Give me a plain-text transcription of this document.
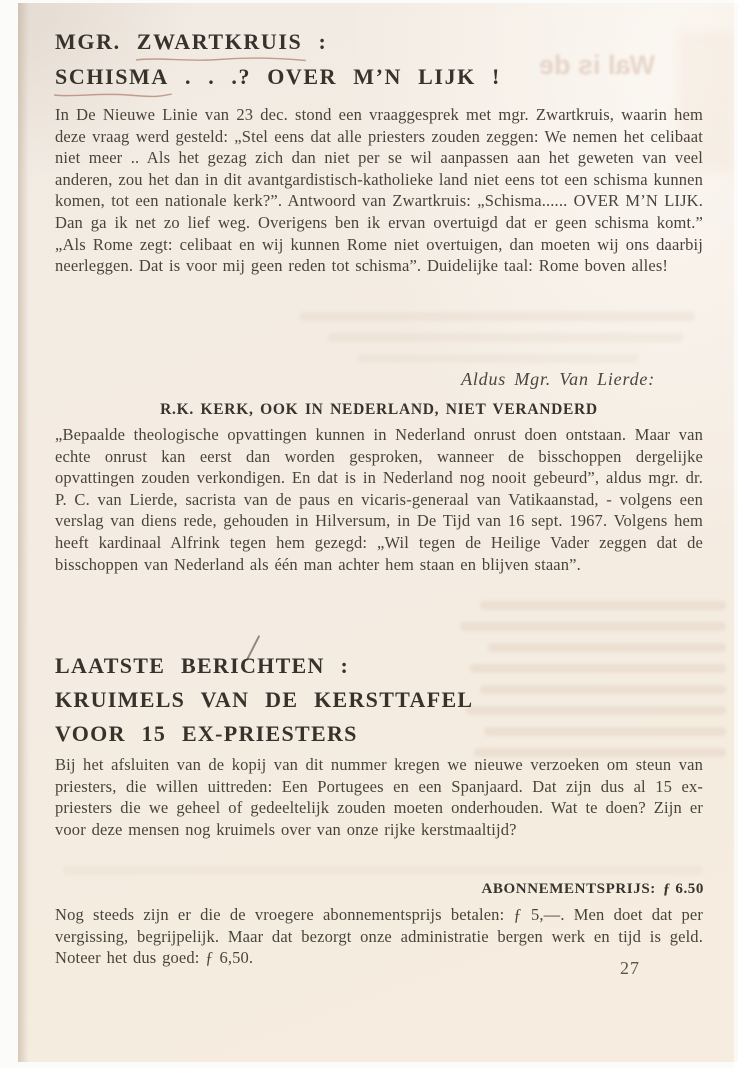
Wal is de
MGR. ZWARTKRUIS :
SCHISMA . . .? OVER M’N LIJK !
In De Nieuwe Linie van 23 dec. stond een vraaggesprek met mgr. Zwartkruis, waarin hem deze vraag werd gesteld: „Stel eens dat alle priesters zouden zeggen: We nemen het celibaat niet meer .. Als het gezag zich dan niet per se wil aanpassen aan het geweten van veel anderen, zou het dan in dit avantgardistisch-katholieke land niet eens tot een schisma kunnen komen, tot een nationale kerk?”. Antwoord van Zwartkruis: „Schisma...... OVER M’N LIJK. Dan ga ik net zo lief weg. Overigens ben ik ervan overtuigd dat er geen schisma komt.” „Als Rome zegt: celibaat en wij kunnen Rome niet overtuigen, dan moeten wij ons daarbij neerleggen. Dat is voor mij geen reden tot schisma”. Duidelijke taal: Rome boven alles!
Aldus Mgr. Van Lierde:
R.K. KERK, OOK IN NEDERLAND, NIET VERANDERD
„Bepaalde theologische opvattingen kunnen in Nederland onrust doen ontstaan. Maar van echte onrust kan eerst dan worden gesproken, wanneer de bisschoppen dergelijke opvattingen zouden verkondigen. En dat is in Nederland nog nooit gebeurd”, aldus mgr. dr. P. C. van Lierde, sacrista van de paus en vicaris-generaal van Vatikaanstad, - volgens een verslag van diens rede, gehouden in Hilversum, in De Tijd van 16 sept. 1967. Volgens hem heeft kardinaal Alfrink tegen hem gezegd: „Wil tegen de Heilige Vader zeggen dat de bisschoppen van Nederland als één man achter hem staan en blijven staan”.
LAATSTE BERICHTEN :
KRUIMELS VAN DE KERSTTAFEL
VOOR 15 EX-PRIESTERS
Bij het afsluiten van de kopij van dit nummer kregen we nieuwe verzoeken om steun van priesters, die willen uittreden: Een Portugees en een Spanjaard. Dat zijn dus al 15 ex-priesters die we geheel of gedeeltelijk zouden moeten onderhouden. Wat te doen? Zijn er voor deze mensen nog kruimels over van onze rijke kerstmaaltijd?
ABONNEMENTSPRIJS: ƒ 6.50
Nog steeds zijn er die de vroegere abonnementsprijs betalen: ƒ 5,—. Men doet dat per vergissing, begrijpelijk. Maar dat bezorgt onze administratie bergen werk en tijd is geld. Noteer het dus goed: ƒ 6,50.
27
